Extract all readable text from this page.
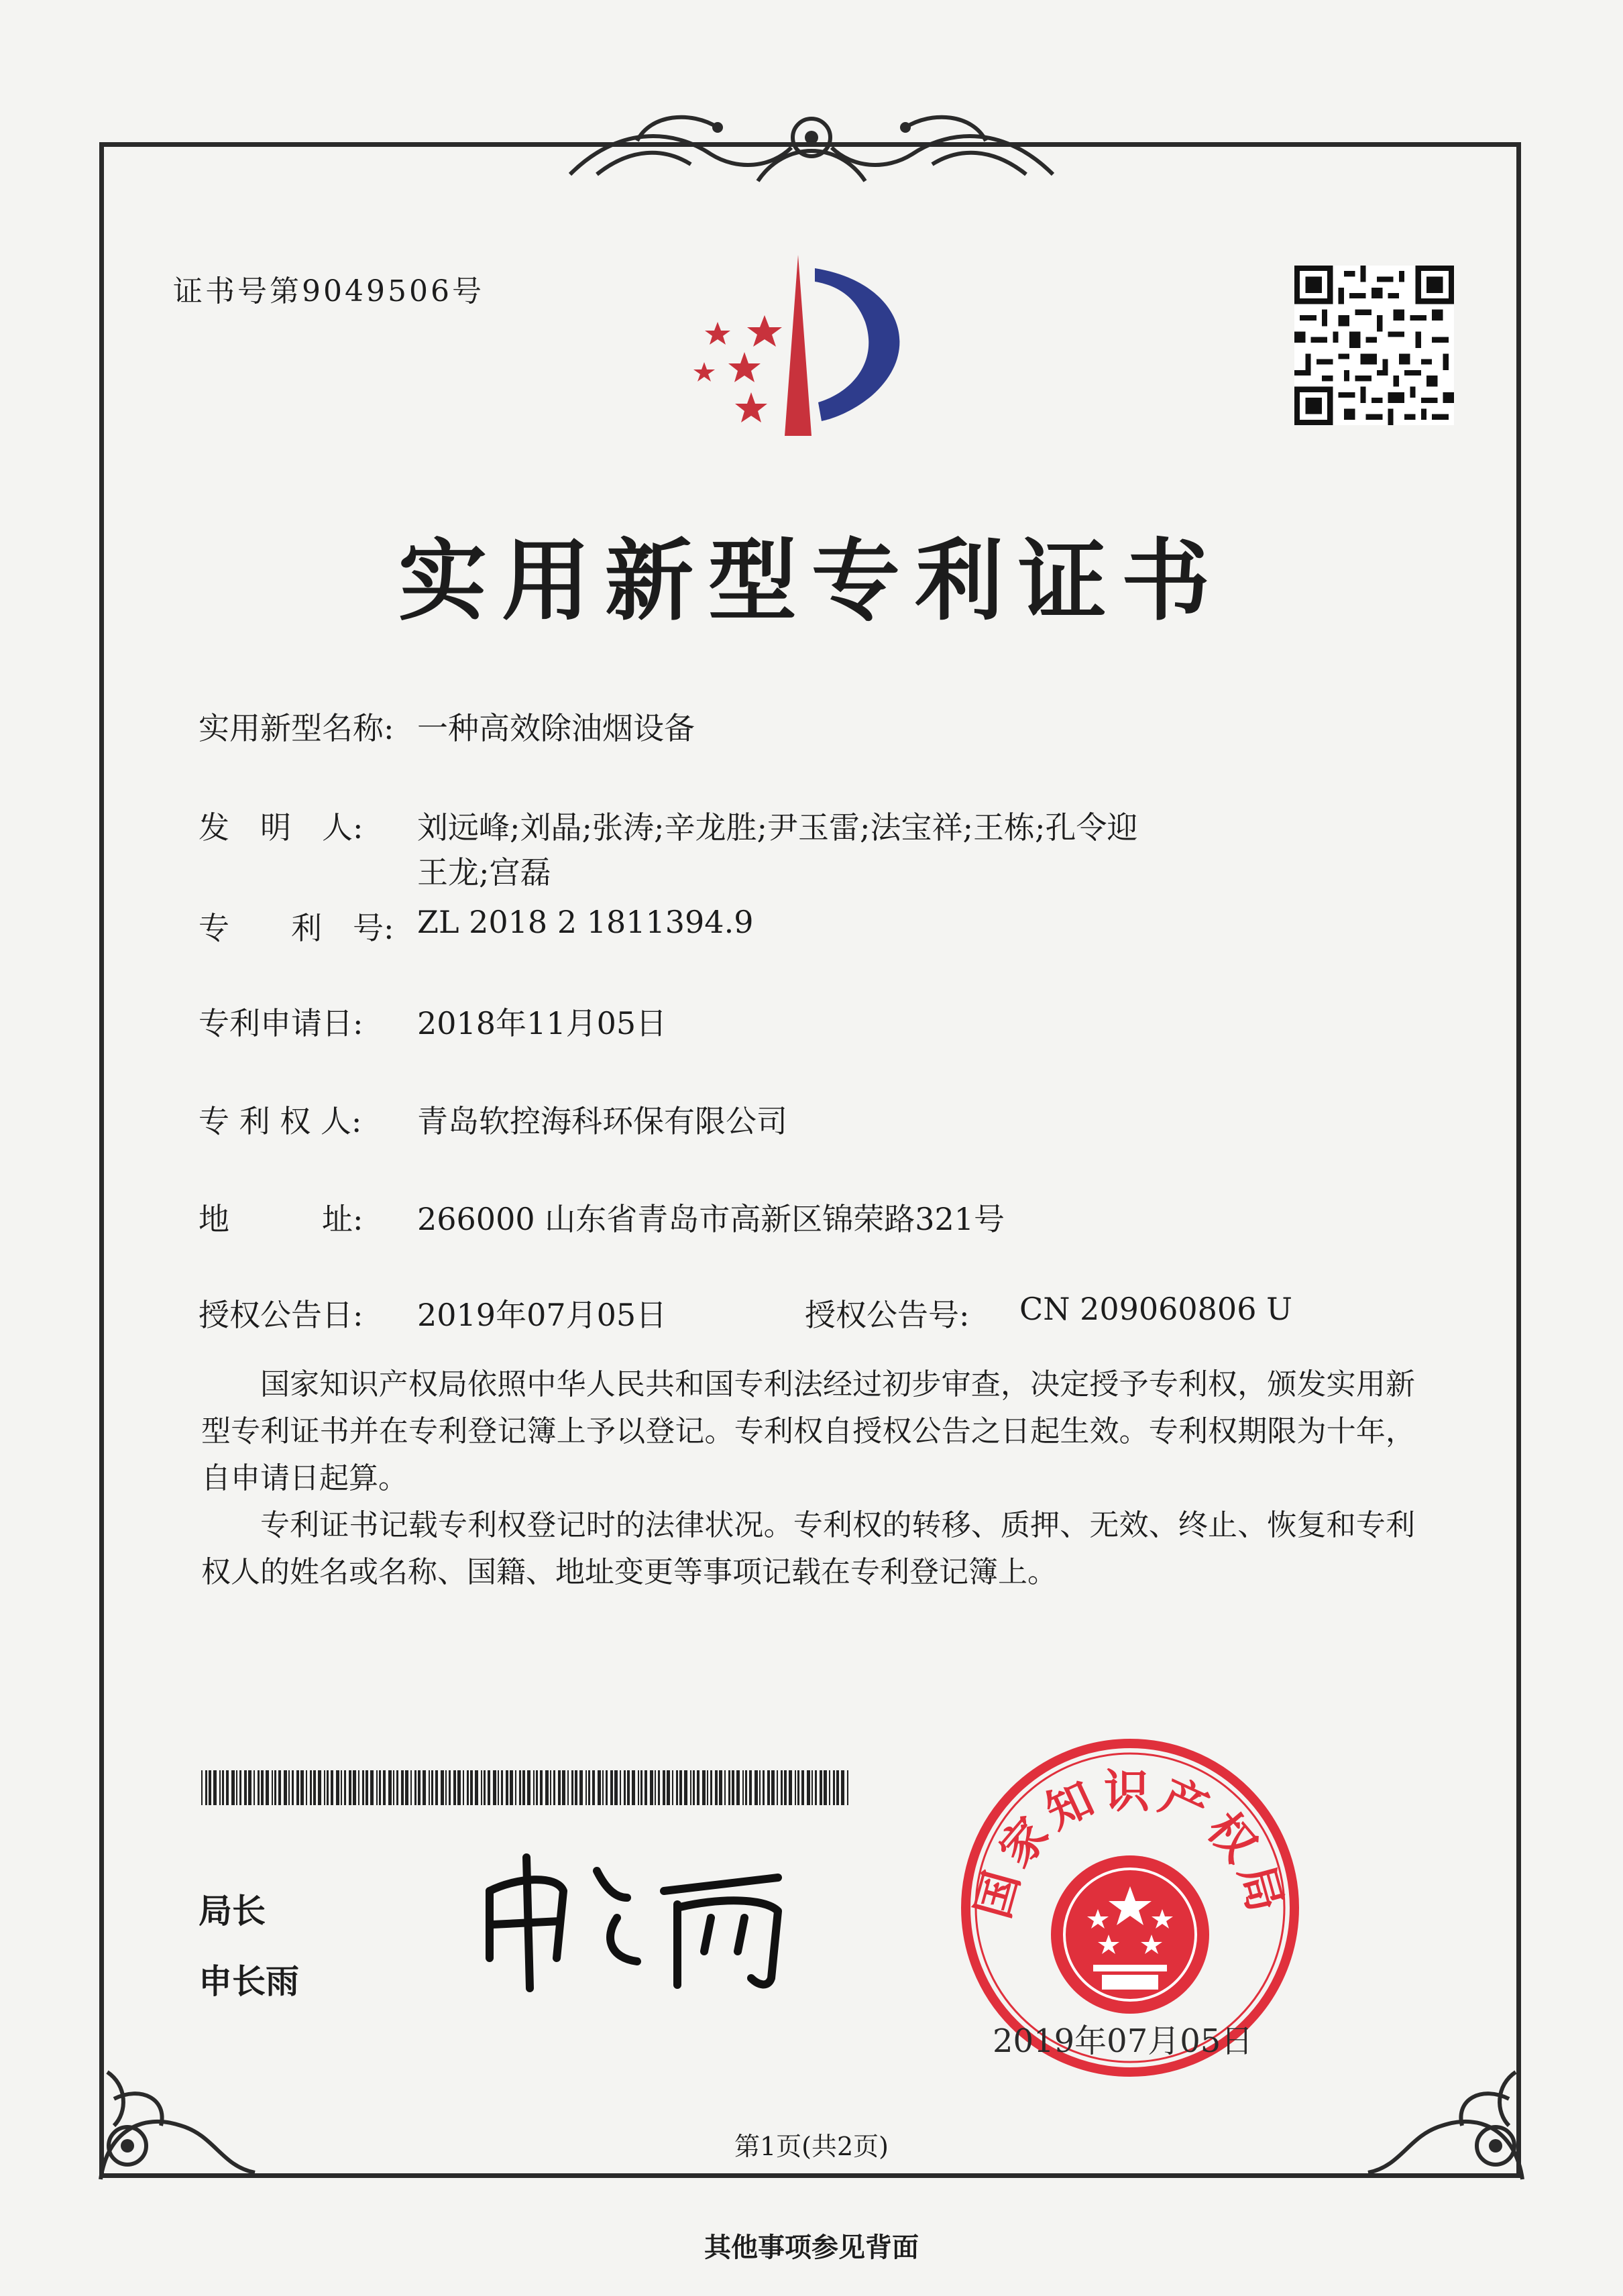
证书号第9049506号
实用新型专利证书
实用新型名称: 一种高效除油烟设备
发　明　人: 刘远峰;刘晶;张涛;辛龙胜;尹玉雷;法宝祥;王栋;孔令迎
王龙;宫磊
专　　利　号: ZL 2018 2 1811394.9
专利申请日: 2018年11月05日
专 利 权 人: 青岛软控海科环保有限公司
地　　　址: 266000 山东省青岛市高新区锦荣路321号
授权公告日: 2019年07月05日	授权公告号: CN 209060806 U
国家知识产权局依照中华人民共和国专利法经过初步审查，决定授予专利权，颁发实用新型专利证书并在专利登记簿上予以登记。专利权自授权公告之日起生效。专利权期限为十年，自申请日起算。
专利证书记载专利权登记时的法律状况。专利权的转移、质押、无效、终止、恢复和专利权人的姓名或名称、国籍、地址变更等事项记载在专利登记簿上。
局长
申长雨
国家知识产权局
2019年07月05日
第1页(共2页)
其他事项参见背面
